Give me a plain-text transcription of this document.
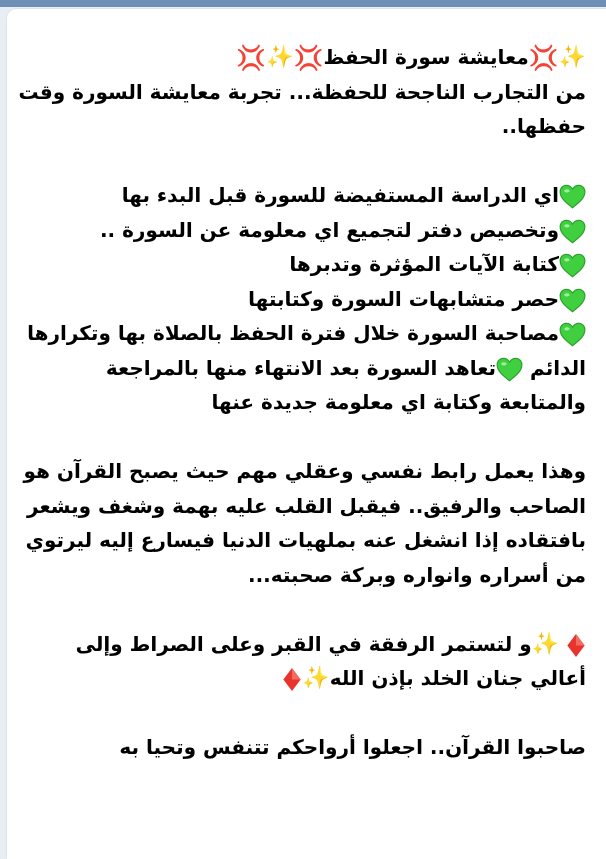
✨💢معايشة سورة الحفظ💢✨💢
من التجارب الناجحة للحفظة... تجربة معايشة السورة وقت
حفظها..
اي الدراسة المستفيضة للسورة قبل البدء بها
وتخصيص دفتر لتجميع اي معلومة عن السورة ..
كتابة الآيات المؤثرة وتدبرها
حصر متشابهات السورة وكتابتها
مصاحبة السورة خلال فترة الحفظ بالصلاة بها وتكرارها
الدائم تعاهد السورة بعد الانتهاء منها بالمراجعة
والمتابعة وكتابة اي معلومة جديدة عنها
وهذا يعمل رابط نفسي وعقلي مهم حيث يصبح القرآن هو
الصاحب والرفيق.. فيقبل القلب عليه بهمة وشغف ويشعر
بافتقاده إذا انشغل عنه بملهيات الدنيا فيسارع إليه ليرتوي
من أسراره وانواره وبركة صحبته...
✨و لتستمر الرفقة في القبر وعلى الصراط وإلى
أعالي جنان الخلد بإذن الله✨
صاحبوا القرآن.. اجعلوا أرواحكم تتنفس وتحيا به
